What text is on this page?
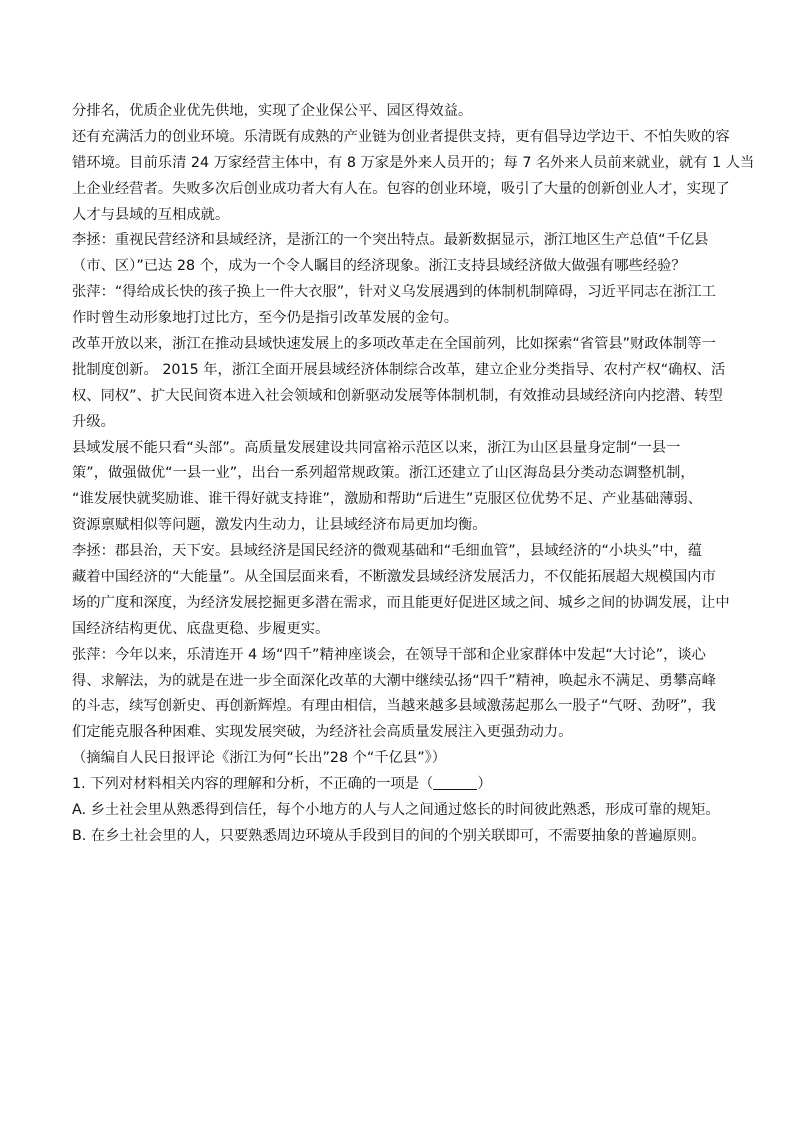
分排名，优质企业优先供地，实现了企业保公平、园区得效益。
还有充满活力的创业环境。乐清既有成熟的产业链为创业者提供支持，更有倡导边学边干、不怕失败的容
错环境。目前乐清 24 万家经营主体中，有 8 万家是外来人员开的；每 7 名外来人员前来就业，就有 1 人当
上企业经营者。失败多次后创业成功者大有人在。包容的创业环境，吸引了大量的创新创业人才，实现了
人才与县域的互相成就。
李拯：重视民营经济和县域经济，是浙江的一个突出特点。最新数据显示，浙江地区生产总值“千亿县
（市、区）”已达 28 个，成为一个令人瞩目的经济现象。浙江支持县域经济做大做强有哪些经验？
张萍：“得给成长快的孩子换上一件大衣服”，针对义乌发展遇到的体制机制障碍，习近平同志在浙江工
作时曾生动形象地打过比方，至今仍是指引改革发展的金句。
改革开放以来，浙江在推动县域快速发展上的多项改革走在全国前列，比如探索“省管县”财政体制等一
批制度创新。 2015 年，浙江全面开展县域经济体制综合改革，建立企业分类指导、农村产权“确权、活
权、同权”、扩大民间资本进入社会领域和创新驱动发展等体制机制，有效推动县域经济向内挖潜、转型
升级。
县域发展不能只看“头部”。高质量发展建设共同富裕示范区以来，浙江为山区县量身定制“一县一
策”，做强做优“一县一业”，出台一系列超常规政策。浙江还建立了山区海岛县分类动态调整机制，
“谁发展快就奖励谁、谁干得好就支持谁”，激励和帮助“后进生”克服区位优势不足、产业基础薄弱、
资源禀赋相似等问题，激发内生动力，让县域经济布局更加均衡。
李拯：郡县治，天下安。县域经济是国民经济的微观基础和“毛细血管”，县域经济的“小块头”中，蕴
藏着中国经济的“大能量”。从全国层面来看，不断激发县域经济发展活力，不仅能拓展超大规模国内市
场的广度和深度，为经济发展挖掘更多潜在需求，而且能更好促进区域之间、城乡之间的协调发展，让中
国经济结构更优、底盘更稳、步履更实。
张萍：今年以来，乐清连开 4 场“四千”精神座谈会，在领导干部和企业家群体中发起“大讨论”，谈心
得、求解法，为的就是在进一步全面深化改革的大潮中继续弘扬“四千”精神，唤起永不满足、勇攀高峰
的斗志，续写创新史、再创新辉煌。有理由相信，当越来越多县域激荡起那么一股子“气呀、劲呀”，我
们定能克服各种困难、实现发展突破，为经济社会高质量发展注入更强劲动力。
（摘编自人民日报评论《浙江为何“长出”28 个“千亿县”》）
1. 下列对材料相关内容的理解和分析，不正确的一项是（	）
A. 乡土社会里从熟悉得到信任，每个小地方的人与人之间通过悠长的时间彼此熟悉，形成可靠的规矩。
B. 在乡土社会里的人，只要熟悉周边环境从手段到目的间的个别关联即可，不需要抽象的普遍原则。
